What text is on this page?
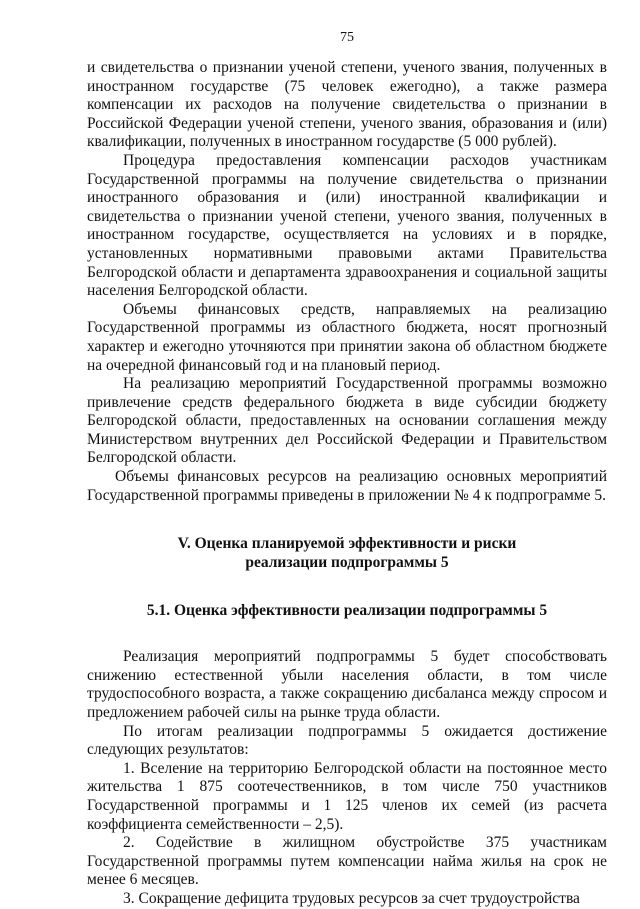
75

и свидетельства о признании ученой степени, ученого звания, полученных в иностранном государстве (75 человек ежегодно), а также размера компенсации их расходов на получение свидетельства о признании в Российской Федерации ученой степени, ученого звания, образования и (или) квалификации, полученных в иностранном государстве (5 000 рублей).

Процедура предоставления компенсации расходов участникам Государственной программы на получение свидетельства о признании иностранного образования и (или) иностранной квалификации и свидетельства о признании ученой степени, ученого звания, полученных в иностранном государстве, осуществляется на условиях и в порядке, установленных нормативными правовыми актами Правительства Белгородской области и департамента здравоохранения и социальной защиты населения Белгородской области.

Объемы финансовых средств, направляемых на реализацию Государственной программы из областного бюджета, носят прогнозный характер и ежегодно уточняются при принятии закона об областном бюджете на очередной финансовый год и на плановый период.

На реализацию мероприятий Государственной программы возможно привлечение средств федерального бюджета в виде субсидии бюджету Белгородской области, предоставленных на основании соглашения между Министерством внутренних дел Российской Федерации и Правительством Белгородской области.

Объемы финансовых ресурсов на реализацию основных мероприятий Государственной программы приведены в приложении № 4 к подпрограмме 5.

V. Оценка планируемой эффективности и риски

реализации подпрограммы 5

5.1. Оценка эффективности реализации подпрограммы 5

Реализация мероприятий подпрограммы 5 будет способствовать снижению естественной убыли населения области, в том числе трудоспособного возраста, а также сокращению дисбаланса между спросом и предложением рабочей силы на рынке труда области.

По итогам реализации подпрограммы 5 ожидается достижение следующих результатов:

1. Вселение на территорию Белгородской области на постоянное место жительства 1 875 соотечественников, в том числе 750 участников Государственной программы и 1 125 членов их семей (из расчета коэффициента семейственности – 2,5).

2. Содействие в жилищном обустройстве 375 участникам Государственной программы путем компенсации найма жилья на срок не менее 6 месяцев.

3. Сокращение дефицита трудовых ресурсов за счет трудоустройства
